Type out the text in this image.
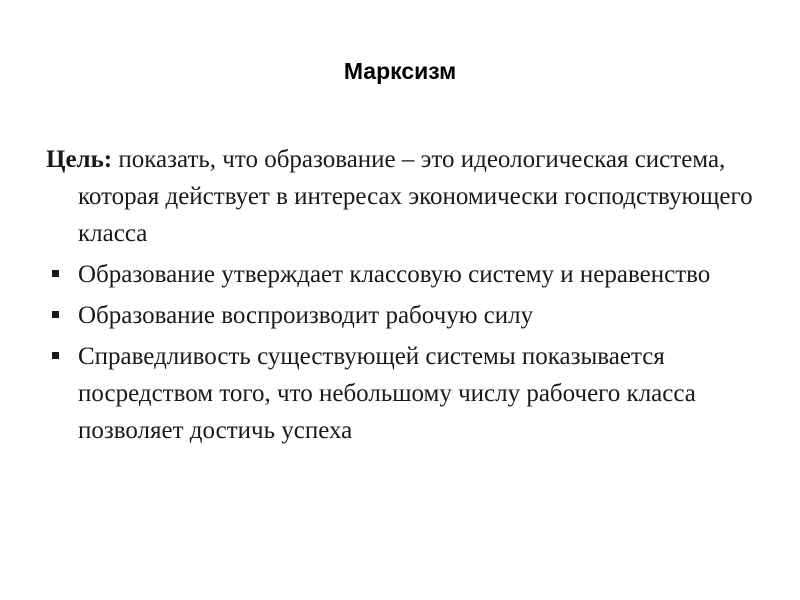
Марксизм

Цель: показать, что образование – это идеологическая система, которая действует в интересах экономически господствующего класса

Образование утверждает классовую систему и неравенство
Образование воспроизводит рабочую силу
Справедливость существующей системы показывается посредством того, что небольшому числу рабочего класса позволяет достичь успеха
